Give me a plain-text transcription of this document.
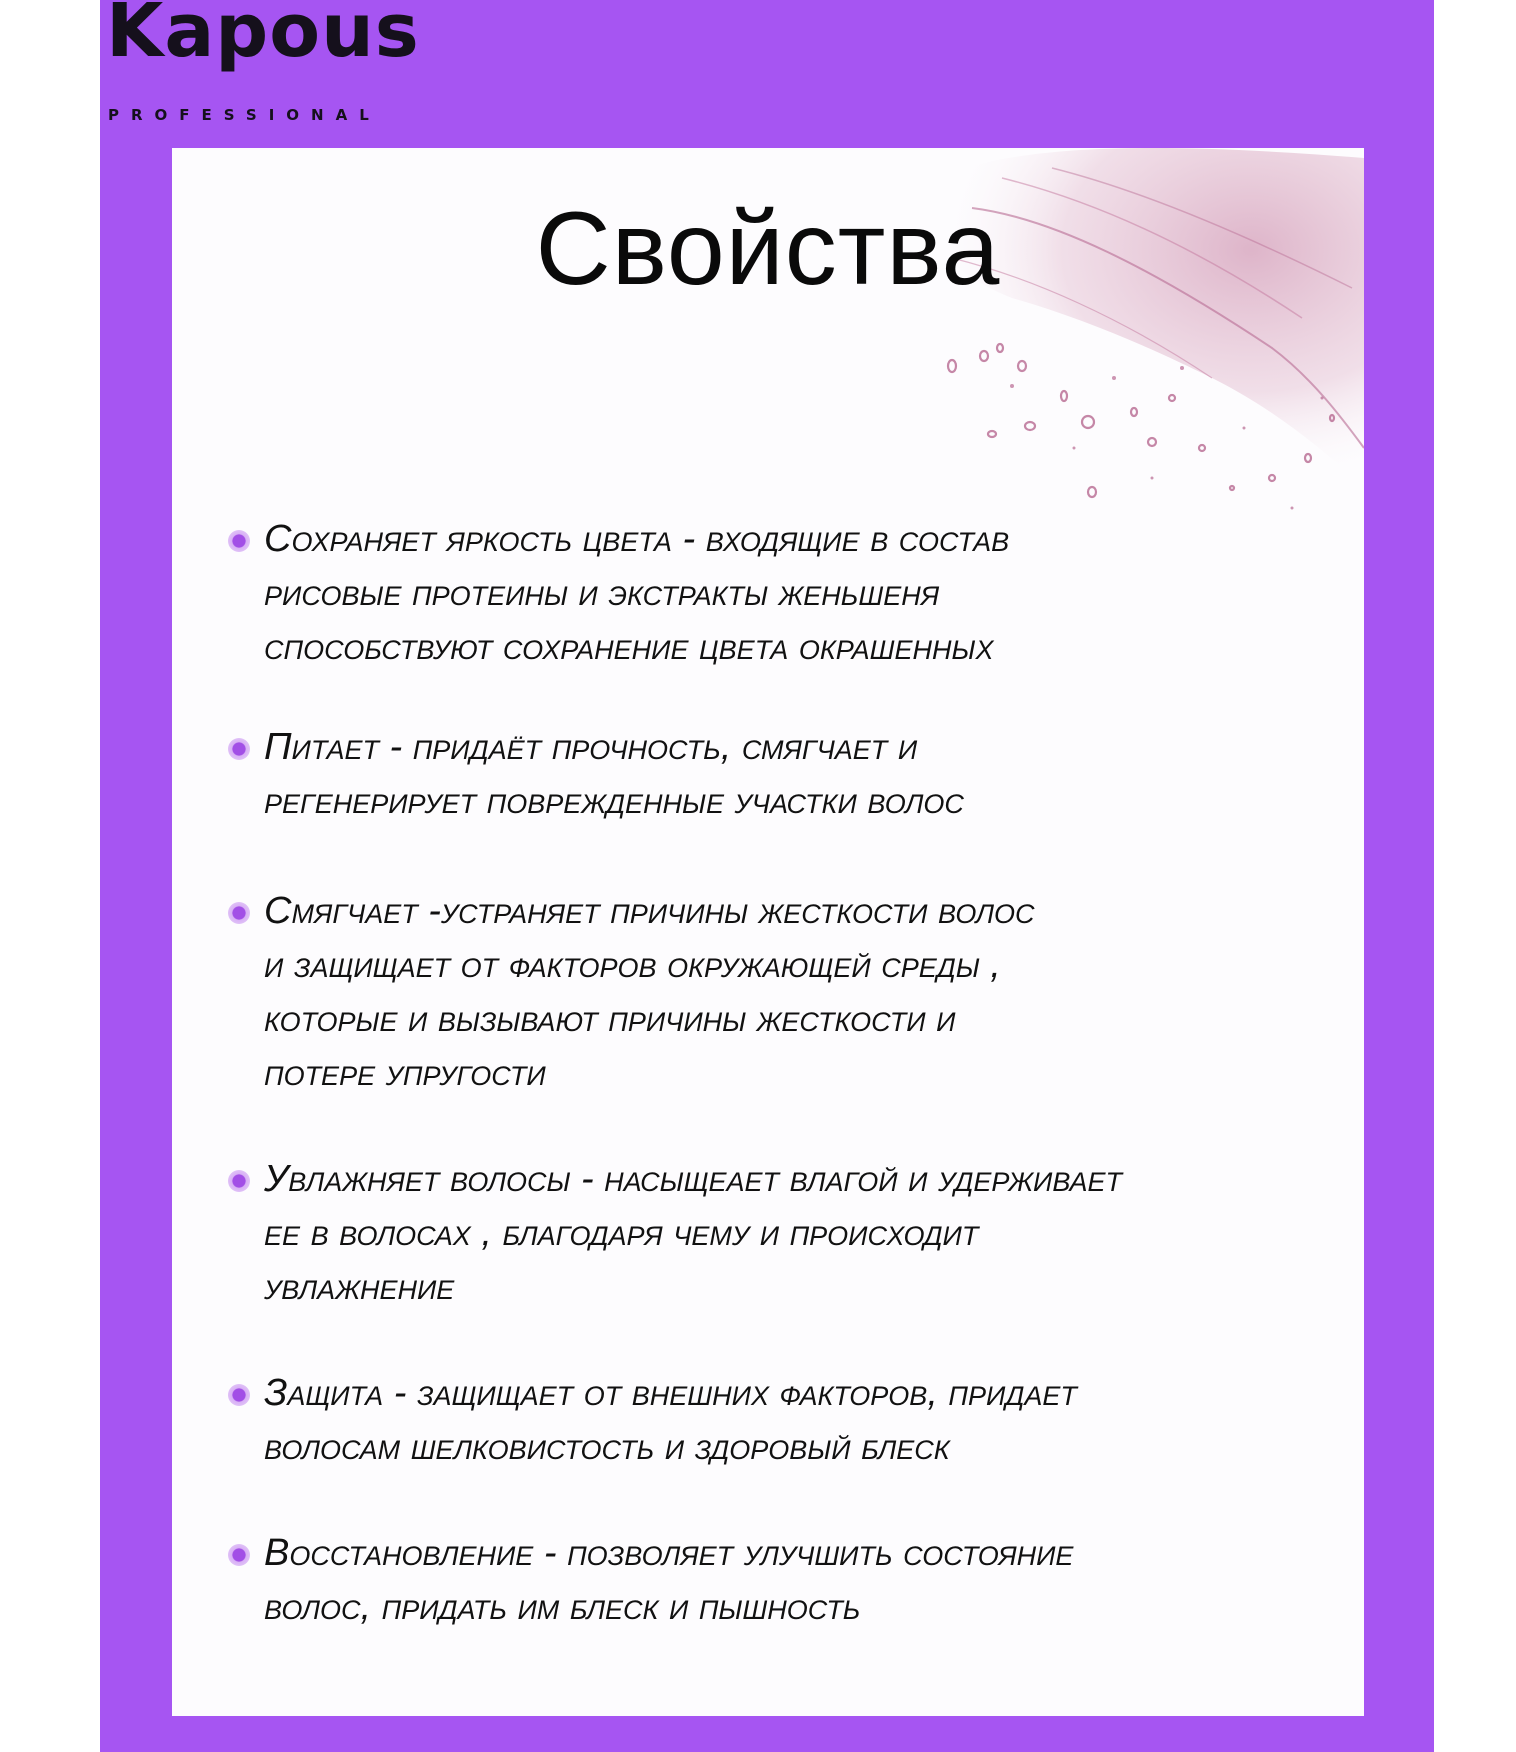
Kapous
PROFESSIONAL
Свойства
Сохраняет яркость цвета - входящие в состав
рисовые протеины и экстракты женьшеня
способствуют сохранение цвета окрашенных
Питает - придаёт прочность, смягчает и
регенерирует поврежденные участки волос
Смягчает -устраняет причины жесткости волос
и защищает от факторов окружающей среды ,
которые и вызывают причины жесткости и
потере упругости
Увлажняет волосы - насыщеает влагой и удерживает
ее в волосах , благодаря чему и происходит
увлажнение
Защита - защищает от внешних факторов, придает
волосам шелковистость и здоровый блеск
Восстановление - позволяет улучшить состояние
волос, придать им блеск и пышность
